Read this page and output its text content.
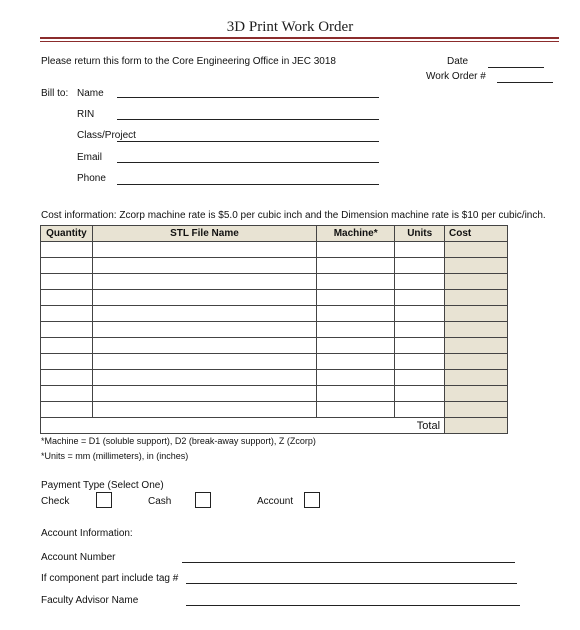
3D Print Work Order
Please return this form to the Core Engineering Office in JEC 3018	Date
Work Order #
Bill to: Name
RIN
Class/Project
Email
Phone
Cost information: Zcorp machine rate is $5.0 per cubic inch and the Dimension machine rate is $10 per cubic/inch.
Quantity	STL File Name	Machine*	Units	Cost

Total				
*Machine = D1 (soluble support), D2 (break-away support), Z (Zcorp)
*Units = mm (millimeters), in (inches)
Payment Type (Select One)
Check	Cash	Account
Account Information:
Account Number
If component part include tag #
Faculty Advisor Name
